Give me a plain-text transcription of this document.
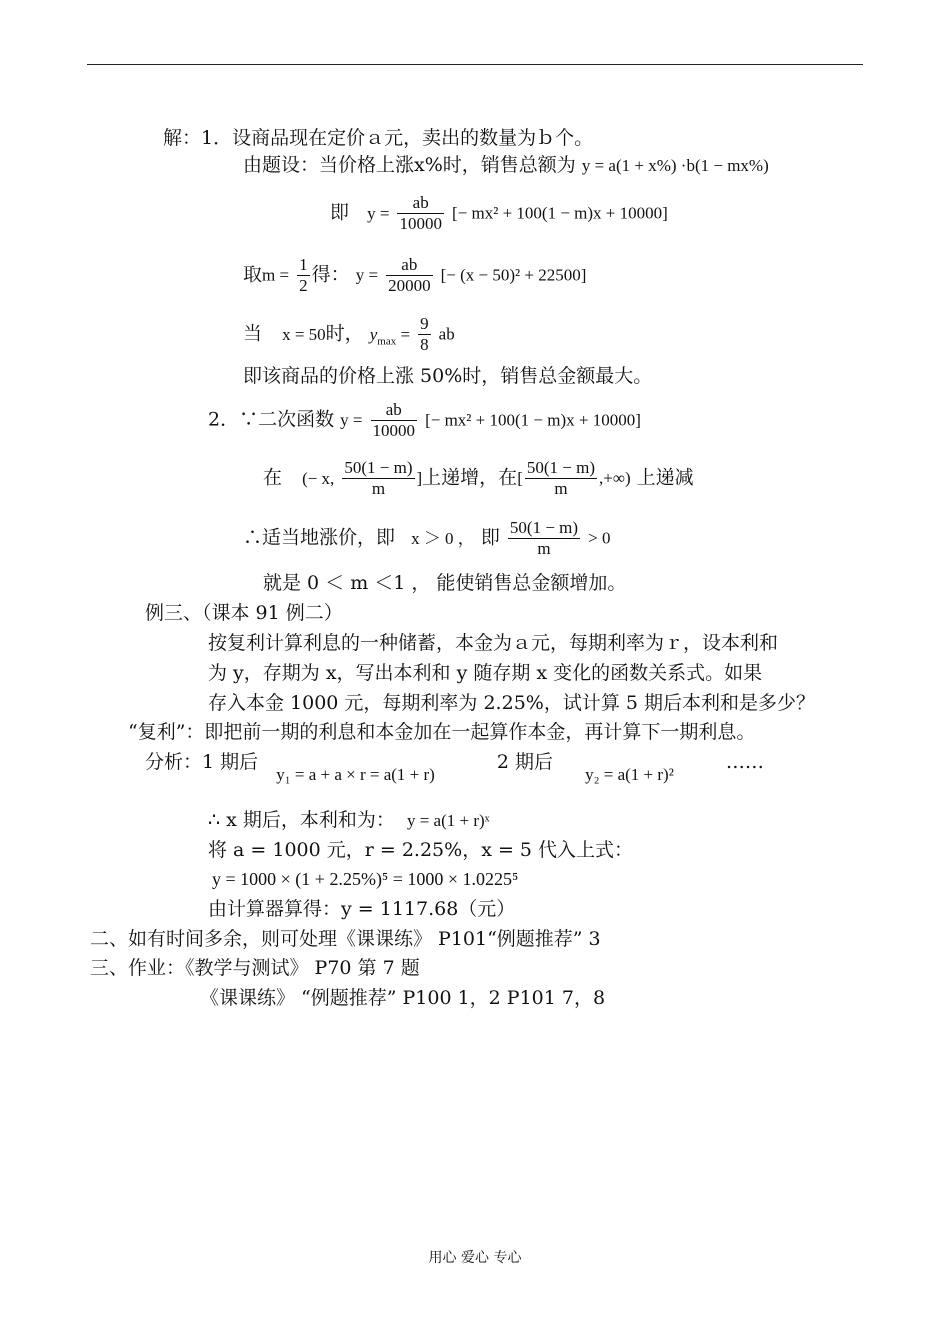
解：1．设商品现在定价ａ元，卖出的数量为ｂ个。
由题设：当价格上涨x%时，销售总额为 y = a(1 + x%) ·b(1 − mx%)
即 $y = \frac{ab}{10000}$ [− mx² + 100(1 − m)x + 10000]
取$m = \frac{1}{2}$ 得： $y = \frac{ab}{20000}$ [− (x − 50)² + 22500]
当 x = 50时， $y_{max} = \frac{9}{8}$ ab
即该商品的价格上涨 50%时，销售总金额最大。
2．∵二次函数 $y = \frac{ab}{10000}$ [− mx² + 100(1 − m)x + 10000]
在 (− x, $\frac{50(1 - m)}{m}$ ]上递增，在[ $\frac{50(1 - m)}{m}$ ,+∞) 上递减
∴适当地涨价，即 x ＞ 0 ， 即 $\frac{50(1 - m)}{m} > 0$
就是 0 ＜ m ＜1 ， 能使销售总金额增加。
例三、（课本 91 例二）
按复利计算利息的一种储蓄，本金为ａ元，每期利率为ｒ，设本利和
为 y，存期为 x，写出本利和 y 随存期 x 变化的函数关系式。如果
存入本金 1000 元，每期利率为 2.25%，试计算 5 期后本利和是多少？
“复利”：即把前一期的利息和本金加在一起算作本金，再计算下一期利息。
分析：1 期后 y₁ = a + a × r = a(1 + r) 2 期后 y₂ = a(1 + r)² ……
∴ x 期后，本利和为： y = a(1 + r)ˣ
将 a = 1000 元，r = 2.25%，x = 5 代入上式：
y = 1000 × (1 + 2.25%)⁵ = 1000 × 1.0225⁵
由计算器算得：y = 1117.68（元）
二、如有时间多余，则可处理《课课练》 P101“例题推荐” 3
三、作业：《教学与测试》 P70 第 7 题
《课课练》 “例题推荐” P100 1，2 P101 7，8
用心 爱心 专心
